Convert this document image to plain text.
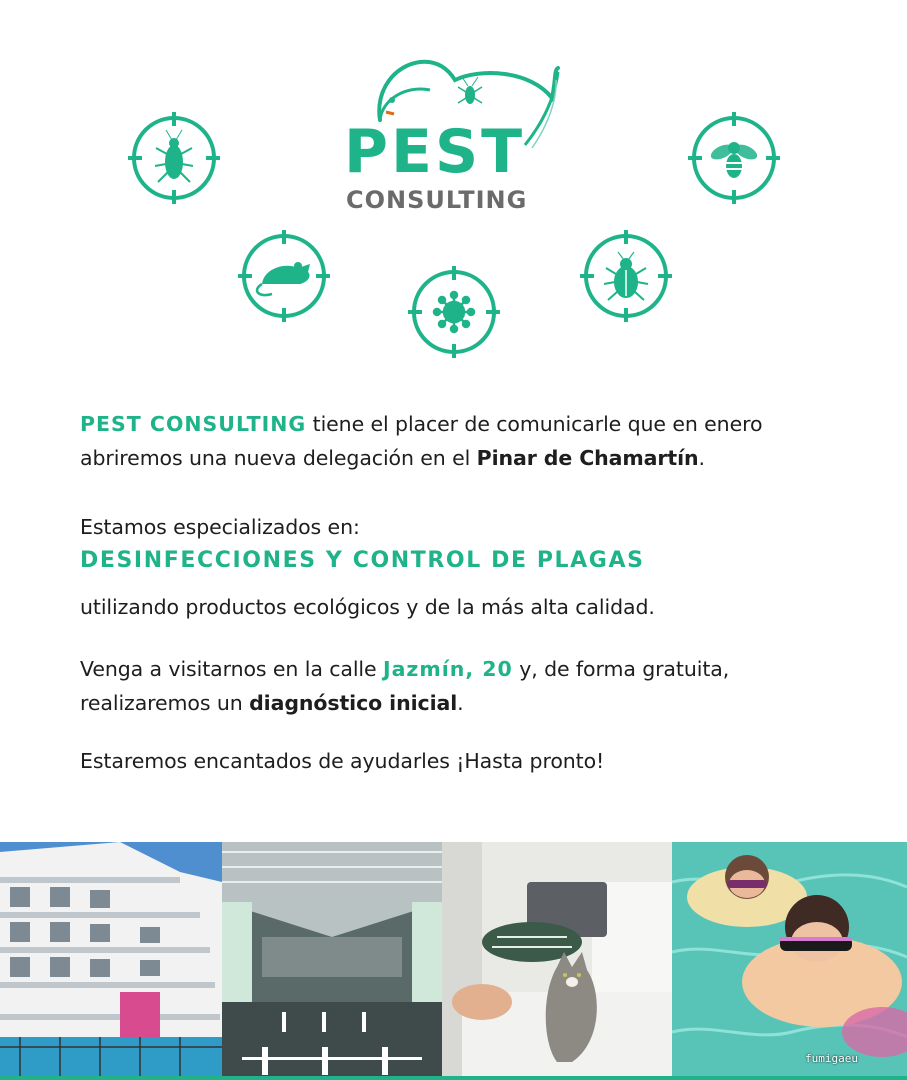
PEST
CONSULTING
PEST CONSULTING tiene el placer de comunicarle que en enero
abriremos una nueva delegación en el Pinar de Chamartín.
Estamos especializados en:
DESINFECCIONES Y CONTROL DE PLAGAS
utilizando productos ecológicos y de la más alta calidad.
Venga a visitarnos en la calle Jazmín, 20 y, de forma gratuita,
realizaremos un diagnóstico inicial.
Estaremos encantados de ayudarles ¡Hasta pronto!
fumigaeu
